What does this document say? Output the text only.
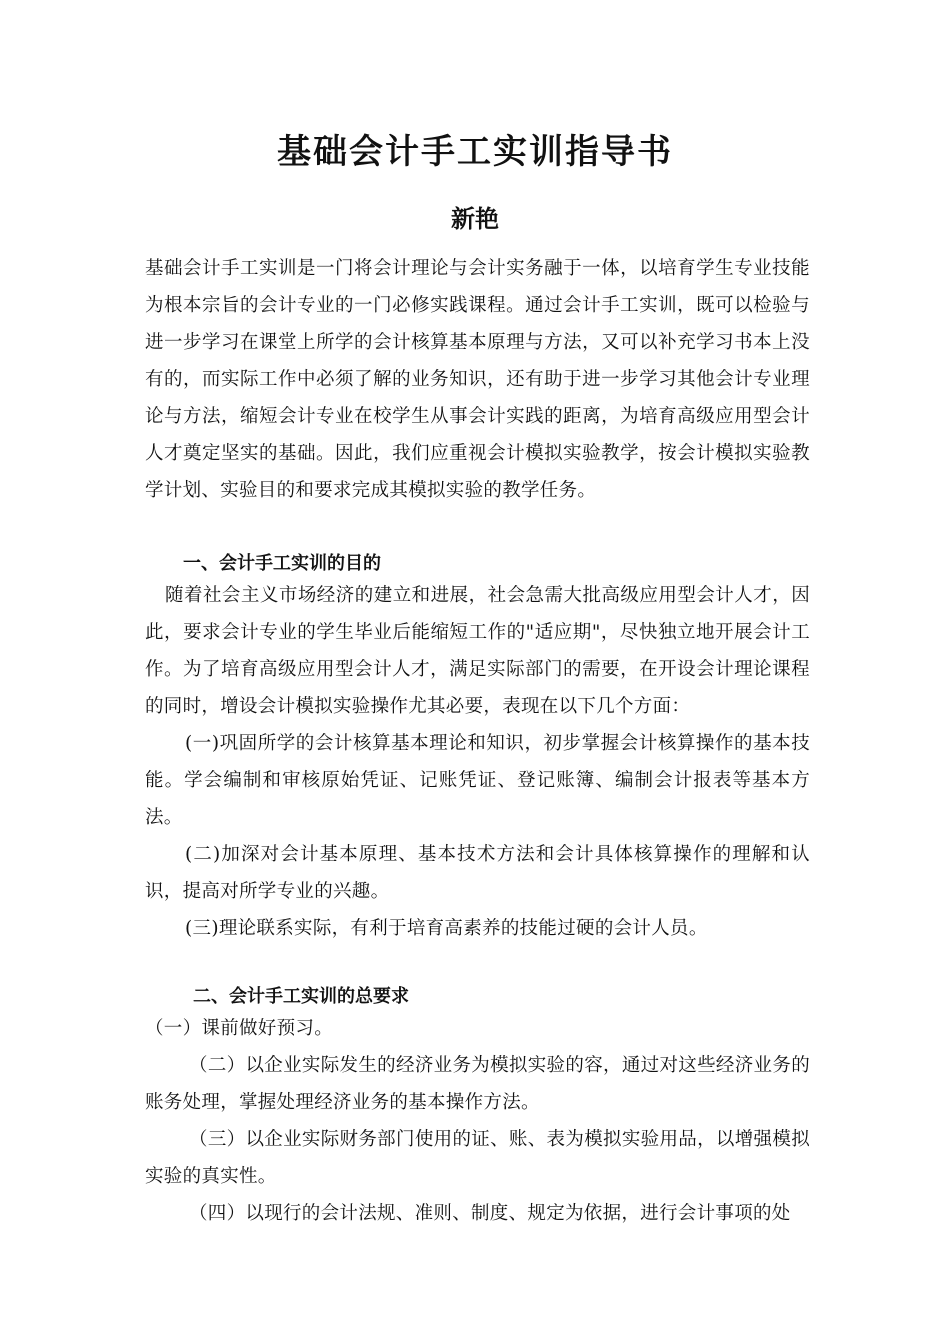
基础会计手工实训指导书
新艳

基础会计手工实训是一门将会计理论与会计实务融于一体，以培育学生专业技能为根本宗旨的会计专业的一门必修实践课程。通过会计手工实训，既可以检验与进一步学习在课堂上所学的会计核算基本原理与方法，又可以补充学习书本上没有的，而实际工作中必须了解的业务知识，还有助于进一步学习其他会计专业理论与方法，缩短会计专业在校学生从事会计实践的距离，为培育高级应用型会计人才奠定坚实的基础。因此，我们应重视会计模拟实验教学，按会计模拟实验教学计划、实验目的和要求完成其模拟实验的教学任务。

一、会计手工实训的目的

随着社会主义市场经济的建立和进展，社会急需大批高级应用型会计人才，因此，要求会计专业的学生毕业后能缩短工作的"适应期"，尽快独立地开展会计工作。为了培育高级应用型会计人才，满足实际部门的需要，在开设会计理论课程的同时，增设会计模拟实验操作尤其必要，表现在以下几个方面：

(一)巩固所学的会计核算基本理论和知识，初步掌握会计核算操作的基本技能。学会编制和审核原始凭证、记账凭证、登记账簿、编制会计报表等基本方法。

(二)加深对会计基本原理、基本技术方法和会计具体核算操作的理解和认识，提高对所学专业的兴趣。

(三)理论联系实际，有利于培育高素养的技能过硬的会计人员。

二、会计手工实训的总要求

（一）课前做好预习。

（二）以企业实际发生的经济业务为模拟实验的容，通过对这些经济业务的账务处理，掌握处理经济业务的基本操作方法。

（三）以企业实际财务部门使用的证、账、表为模拟实验用品，以增强模拟实验的真实性。

（四）以现行的会计法规、准则、制度、规定为依据，进行会计事项的处
